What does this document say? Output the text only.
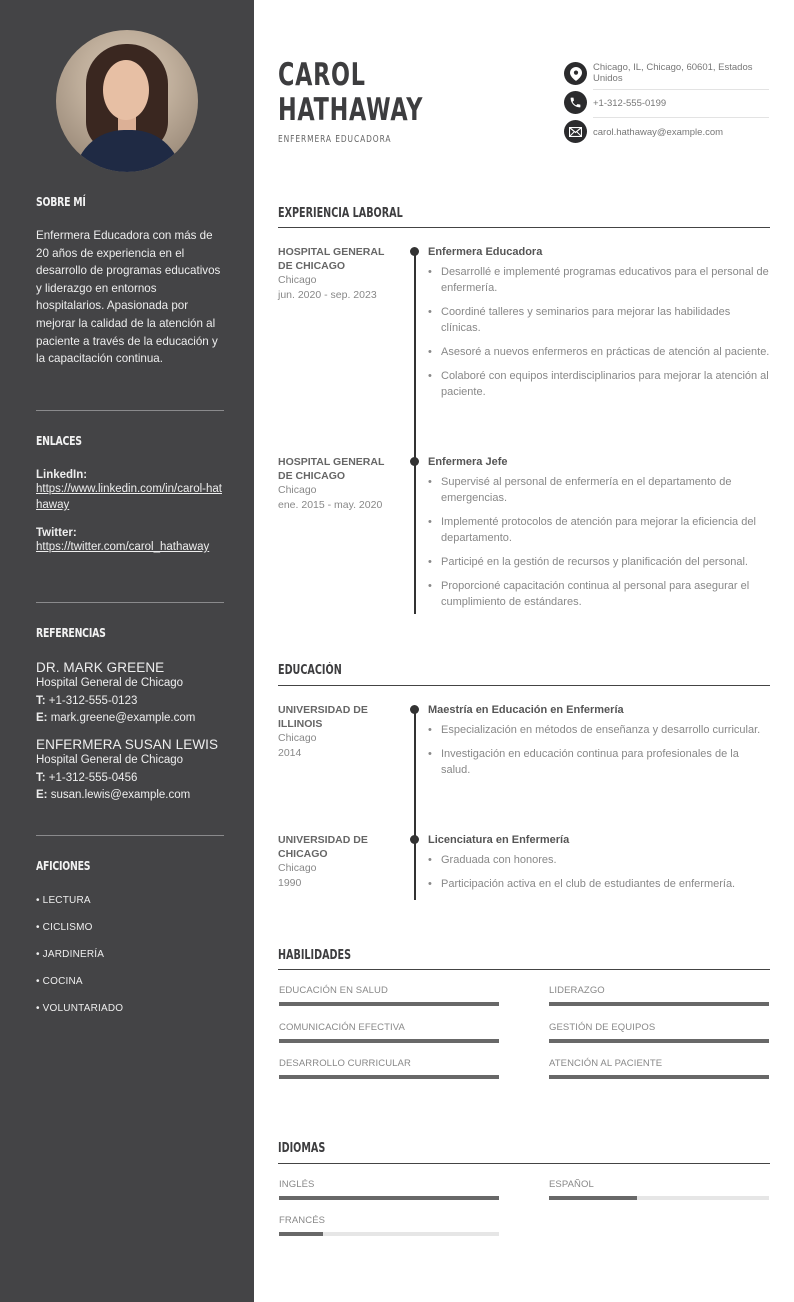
SOBRE MÍ

Enfermera Educadora con más de 20 años de experiencia en el desarrollo de programas educativos y liderazgo en entornos hospitalarios. Apasionada por mejorar la calidad de la atención al paciente a través de la educación y la capacitación continua.

ENLACES
LinkedIn:
https://www.linkedin.com/in/carol-hathaway
Twitter:
https://twitter.com/carol_hathaway
REFERENCIAS
DR. MARK GREENE
Hospital General de Chicago
T: +1-312-555-0123
E: mark.greene@example.com
ENFERMERA SUSAN LEWIS
Hospital General de Chicago
T: +1-312-555-0456
E: susan.lewis@example.com
AFICIONES
• LECTURA
• CICLISMO
• JARDINERÍA
• COCINA
• VOLUNTARIADO
CAROL
HATHAWAY
ENFERMERA EDUCADORA
Chicago, IL, Chicago, 60601, Estados Unidos
+1-312-555-0199
carol.hathaway@example.com
EXPERIENCIA LABORAL
HOSPITAL GENERAL DE CHICAGO
Chicago
jun. 2020 - sep. 2023
Enfermera Educadora
• Desarrollé e implementé programas educativos para el personal de enfermería.
• Coordiné talleres y seminarios para mejorar las habilidades clínicas.
• Asesoré a nuevos enfermeros en prácticas de atención al paciente.
• Colaboré con equipos interdisciplinarios para mejorar la atención al paciente.
HOSPITAL GENERAL DE CHICAGO
Chicago
ene. 2015 - may. 2020
Enfermera Jefe
• Supervisé al personal de enfermería en el departamento de emergencias.
• Implementé protocolos de atención para mejorar la eficiencia del departamento.
• Participé en la gestión de recursos y planificación del personal.
• Proporcioné capacitación continua al personal para asegurar el cumplimiento de estándares.
EDUCACIÓN
UNIVERSIDAD DE ILLINOIS
Chicago
2014
Maestría en Educación en Enfermería
• Especialización en métodos de enseñanza y desarrollo curricular.
• Investigación en educación continua para profesionales de la salud.
UNIVERSIDAD DE CHICAGO
Chicago
1990
Licenciatura en Enfermería
• Graduada con honores.
• Participación activa en el club de estudiantes de enfermería.
HABILIDADES
EDUCACIÓN EN SALUD	LIDERAZGO
COMUNICACIÓN EFECTIVA	GESTIÓN DE EQUIPOS
DESARROLLO CURRICULAR	ATENCIÓN AL PACIENTE
IDIOMAS
INGLÉS	ESPAÑOL
FRANCÉS
